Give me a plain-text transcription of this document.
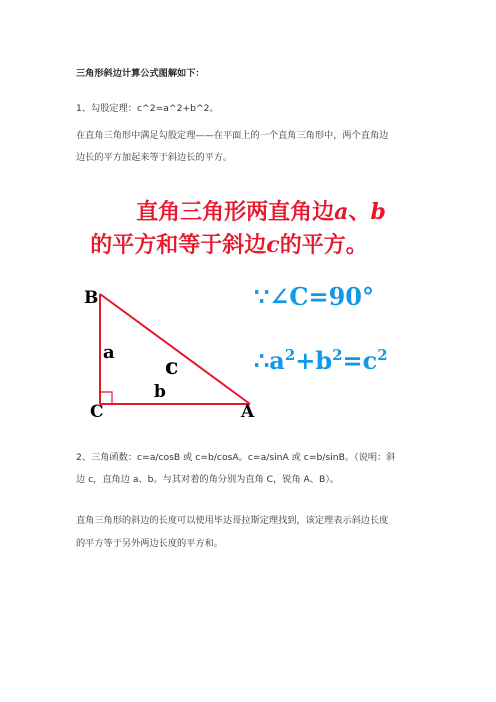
三角形斜边计算公式图解如下：
1、勾股定理：c^2=a^2+b^2。
在直角三角形中满足勾股定理——在平面上的一个直角三角形中，两个直角边
边长的平方加起来等于斜边长的平方。
直角三角形两直角边a、b
的平方和等于斜边c的平方。
B
C	A
a
b
c
∵∠C=90°
$\therefore a^2+b^2=c^2$
2、三角函数：c=a/cosB 或 c=b/cosA。c=a/sinA 或 c=b/sinB。（说明：斜
边 c，直角边 a、b。与其对着的角分别为直角 C，锐角 A、B）。
直角三角形的斜边的长度可以使用毕达哥拉斯定理找到，该定理表示斜边长度
的平方等于另外两边长度的平方和。
